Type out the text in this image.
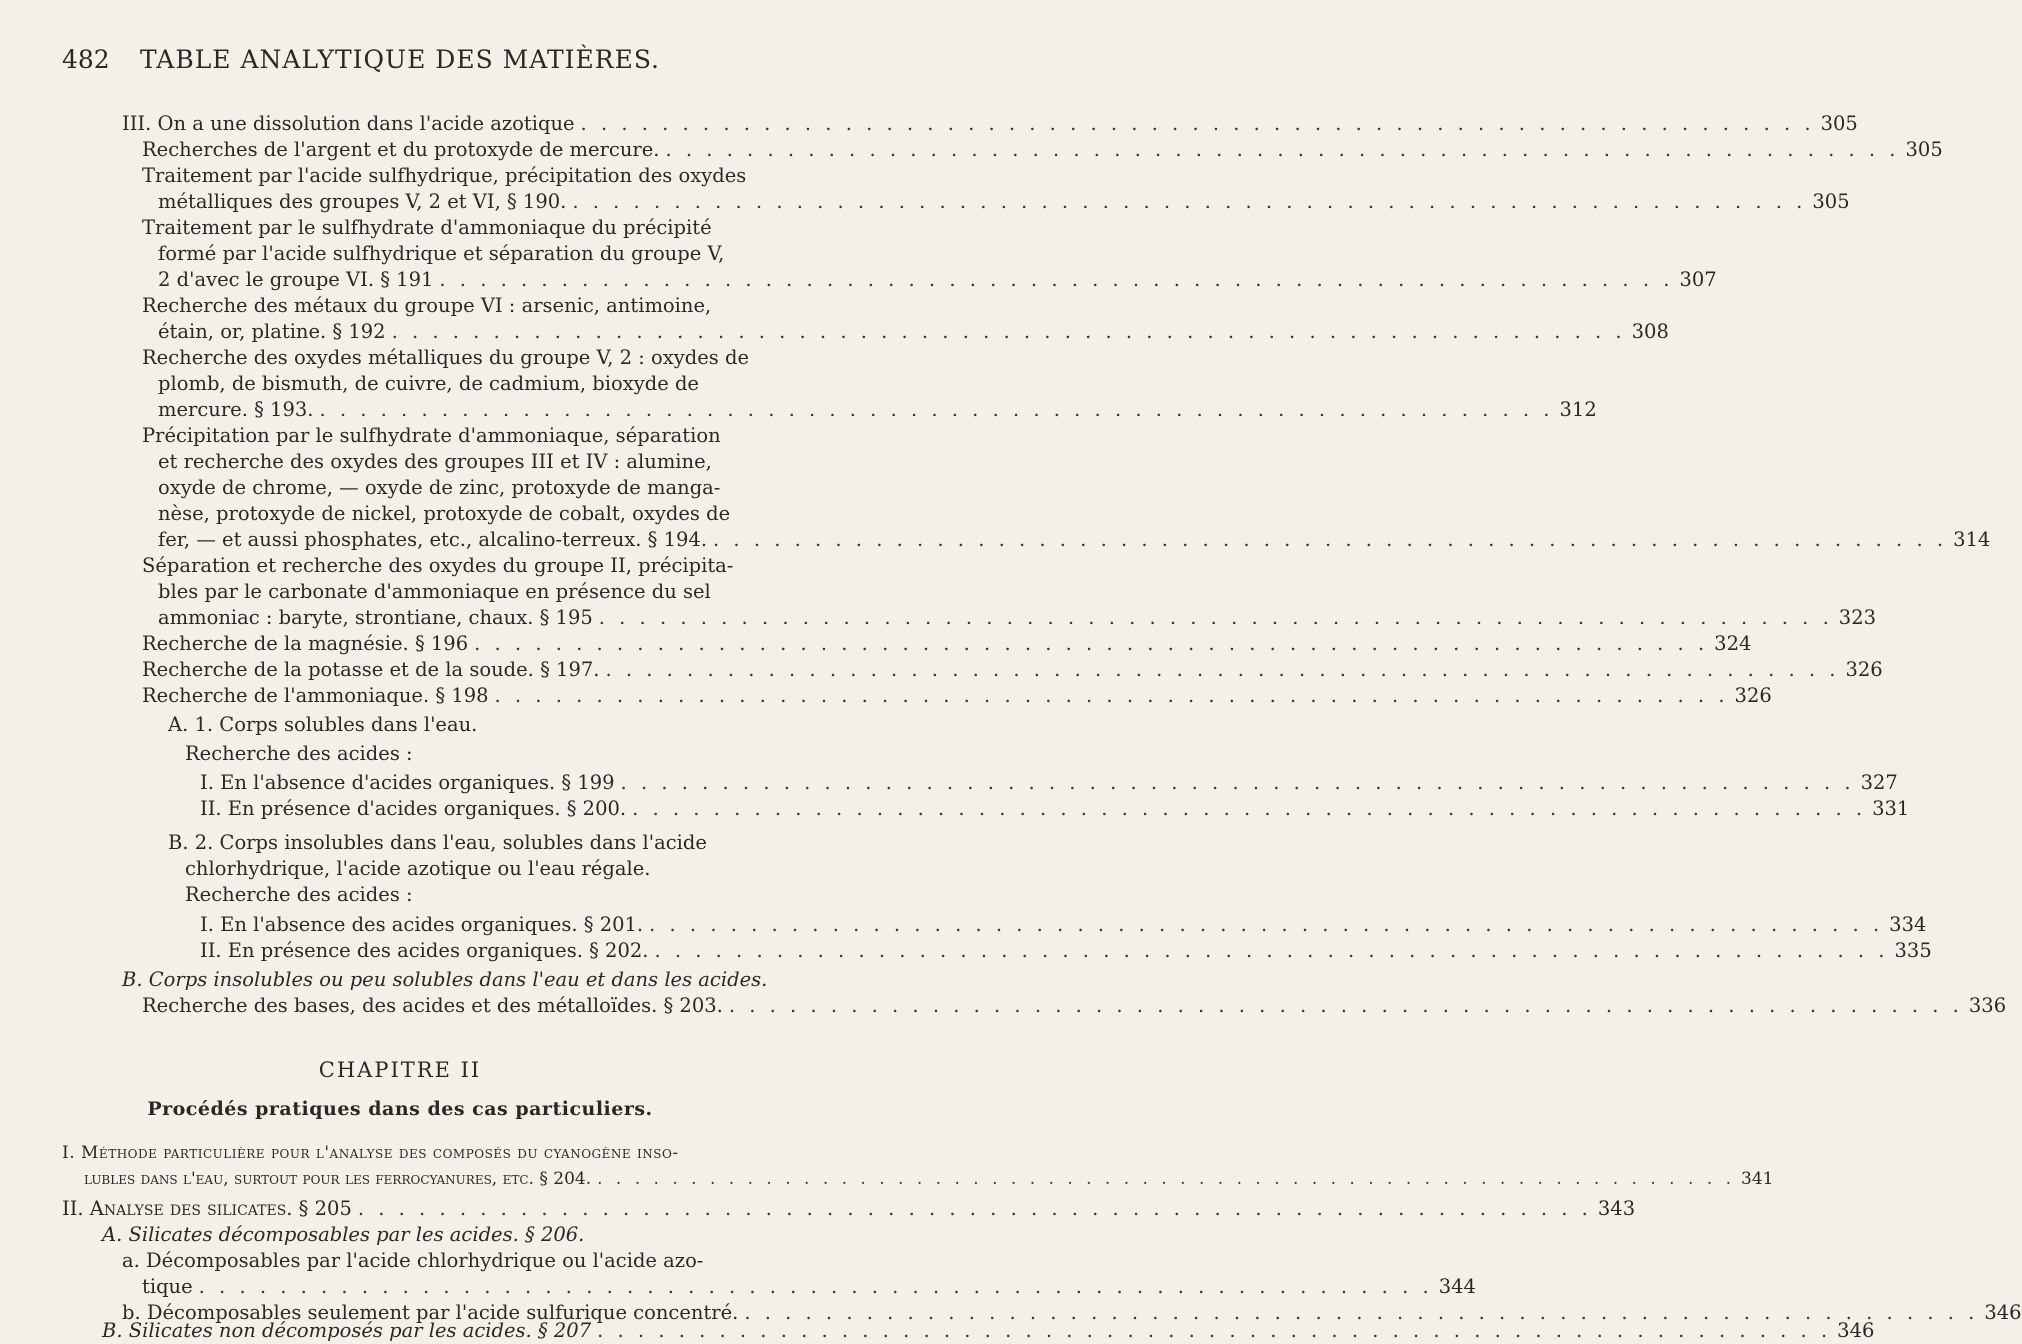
482	TABLE ANALYTIQUE DES MATIÈRES.
III. On a une dissolution dans l'acide azotique . . .	305
Recherches de l'argent et du protoxyde de mercure. . . .	305
Traitement par l'acide sulfhydrique, précipitation des oxydes
métalliques des groupes V, 2 et VI, § 190. . . .	305
Traitement par le sulfhydrate d'ammoniaque du précipité
formé par l'acide sulfhydrique et séparation du groupe V,
2 d'avec le groupe VI. § 191 . . .	307
Recherche des métaux du groupe VI : arsenic, antimoine,
étain, or, platine. § 192 . . .	308
Recherche des oxydes métalliques du groupe V, 2 : oxydes de
plomb, de bismuth, de cuivre, de cadmium, bioxyde de
mercure. § 193. . . .	312
Précipitation par le sulfhydrate d'ammoniaque, séparation
et recherche des oxydes des groupes III et IV : alumine,
oxyde de chrome, — oxyde de zinc, protoxyde de manga-
nèse, protoxyde de nickel, protoxyde de cobalt, oxydes de
fer, — et aussi phosphates, etc., alcalino-terreux. § 194. . . .	314
Séparation et recherche des oxydes du groupe II, précipita-
bles par le carbonate d'ammoniaque en présence du sel
ammoniac : baryte, strontiane, chaux. § 195 . . .	323
Recherche de la magnésie. § 196 . . .	324
Recherche de la potasse et de la soude. § 197. . . .	326
Recherche de l'ammoniaque. § 198 . . .	326
A. 1. Corps solubles dans l'eau.
Recherche des acides :
I. En l'absence d'acides organiques. § 199 . . .	327
II. En présence d'acides organiques. § 200. . . .	331
B. 2. Corps insolubles dans l'eau, solubles dans l'acide
chlorhydrique, l'acide azotique ou l'eau régale.
Recherche des acides :
I. En l'absence des acides organiques. § 201. . . .	334
II. En présence des acides organiques. § 202. . . .	335
B. Corps insolubles ou peu solubles dans l'eau et dans les acides.
Recherche des bases, des acides et des métalloïdes. § 203. . . .	336
CHAPITRE II
Procédés pratiques dans des cas particuliers.
I. Méthode particulière pour l'analyse des composés du cyanogène inso-
lubles dans l'eau, surtout pour les ferrocyanures, etc. § 204. . . .	341
II. Analyse des silicates. § 205 . . .	343
A. Silicates décomposables par les acides. § 206.
a. Décomposables par l'acide chlorhydrique ou l'acide azo-
tique . . .	344
b. Décomposables seulement par l'acide sulfurique concentré. . . .	346
B. Silicates non décomposés par les acides. § 207 . . .	346
